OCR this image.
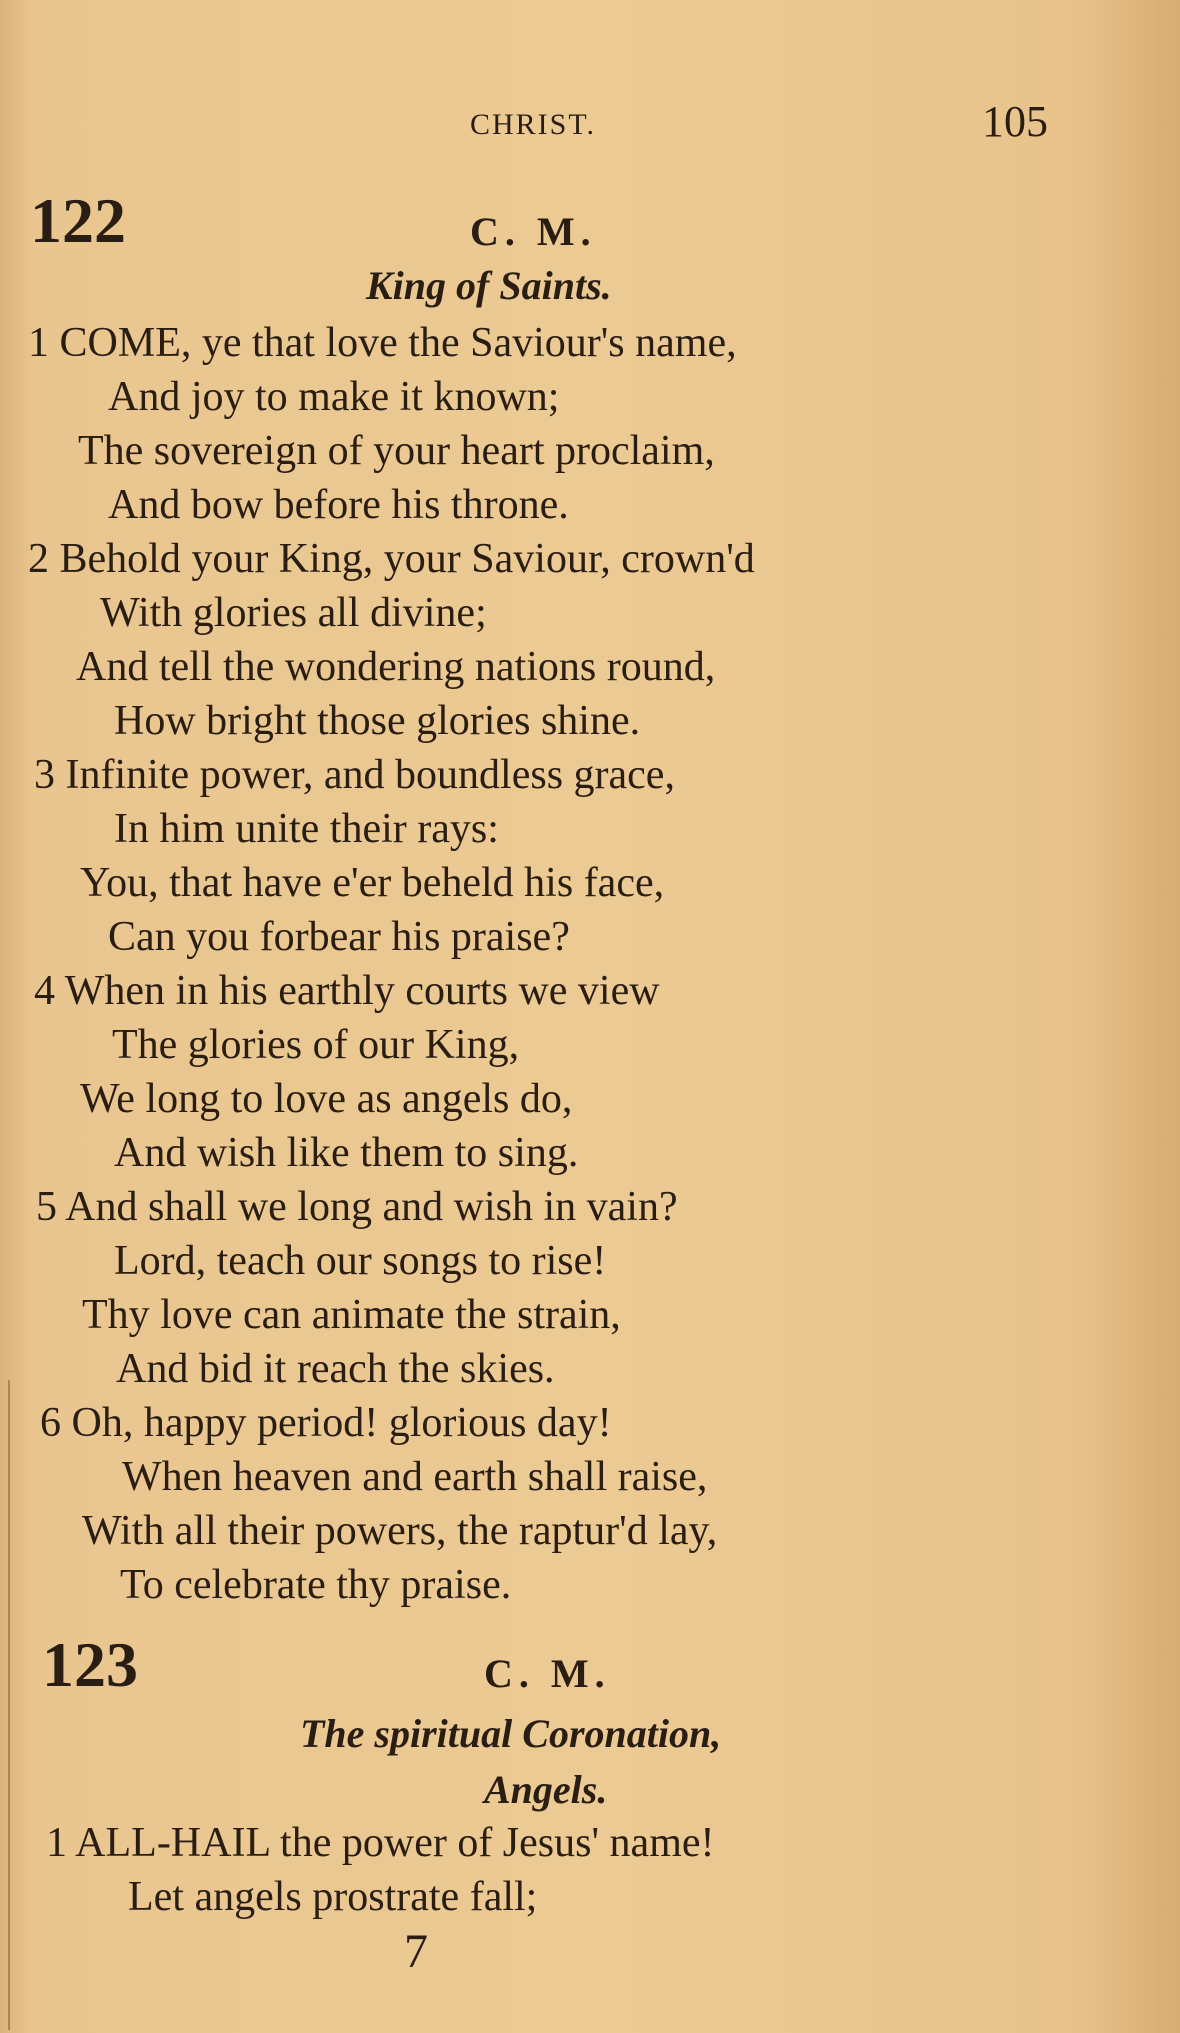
CHRIST.	105
122	C. M.
King of Saints.
1 COME, ye that love the Saviour's name,
And joy to make it known;
The sovereign of your heart proclaim,
And bow before his throne.
2 Behold your King, your Saviour, crown'd
With glories all divine;
And tell the wondering nations round,
How bright those glories shine.
3 Infinite power, and boundless grace,
In him unite their rays:
You, that have e'er beheld his face,
Can you forbear his praise?
4 When in his earthly courts we view
The glories of our King,
We long to love as angels do,
And wish like them to sing.
5 And shall we long and wish in vain?
Lord, teach our songs to rise!
Thy love can animate the strain,
And bid it reach the skies.
6 Oh, happy period! glorious day!
When heaven and earth shall raise,
With all their powers, the raptur'd lay,
To celebrate thy praise.
123	C. M.
The spiritual Coronation,
Angels.
1 ALL-HAIL the power of Jesus' name!
Let angels prostrate fall;
7
